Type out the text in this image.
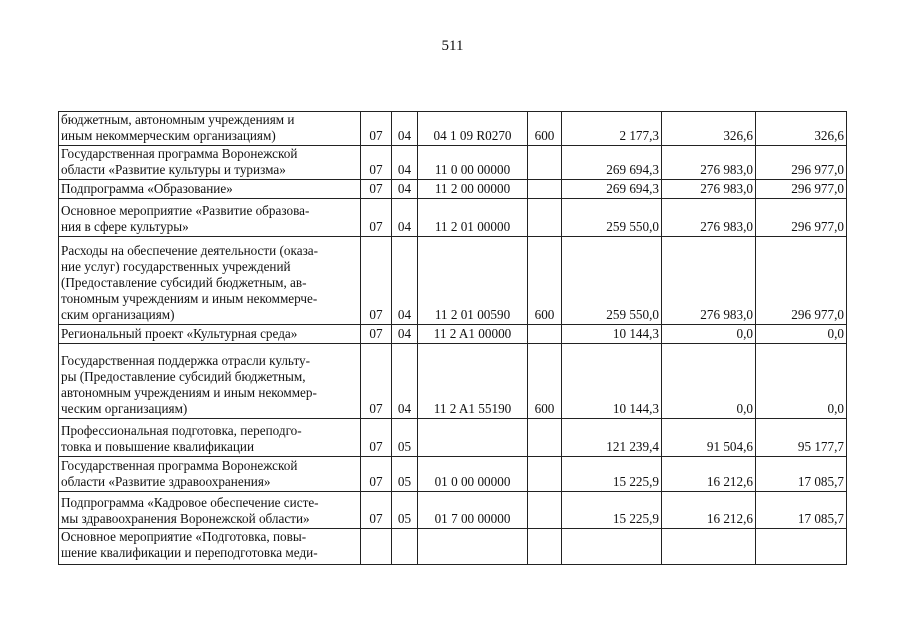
511
бюджетным, автономным учреждениям и
иным некоммерческим организациям)	07	04	04 1 09 R0270	600	2 177,3	326,6	326,6
Государственная программа Воронежской
области «Развитие культуры и туризма»	07	04	11 0 00 00000		269 694,3	276 983,0	296 977,0
Подпрограмма «Образование»	07	04	11 2 00 00000		269 694,3	276 983,0	296 977,0
Основное мероприятие «Развитие образова-
ния в сфере культуры»	07	04	11 2 01 00000		259 550,0	276 983,0	296 977,0
Расходы на обеспечение деятельности (оказа-
ние услуг) государственных учреждений
(Предоставление субсидий бюджетным, ав-
тономным учреждениям и иным некоммерче-
ским организациям)	07	04	11 2 01 00590	600	259 550,0	276 983,0	296 977,0
Региональный проект «Культурная среда»	07	04	11 2 A1 00000		10 144,3	0,0	0,0
Государственная поддержка отрасли культу-
ры (Предоставление субсидий бюджетным,
автономным учреждениям и иным некоммер-
ческим организациям)	07	04	11 2 A1 55190	600	10 144,3	0,0	0,0
Профессиональная подготовка, переподго-
товка и повышение квалификации	07	05			121 239,4	91 504,6	95 177,7
Государственная программа Воронежской
области «Развитие здравоохранения»	07	05	01 0 00 00000		15 225,9	16 212,6	17 085,7
Подпрограмма «Кадровое обеспечение систе-
мы здравоохранения Воронежской области»	07	05	01 7 00 00000		15 225,9	16 212,6	17 085,7
Основное мероприятие «Подготовка, повы-
шение квалификации и переподготовка меди-							
